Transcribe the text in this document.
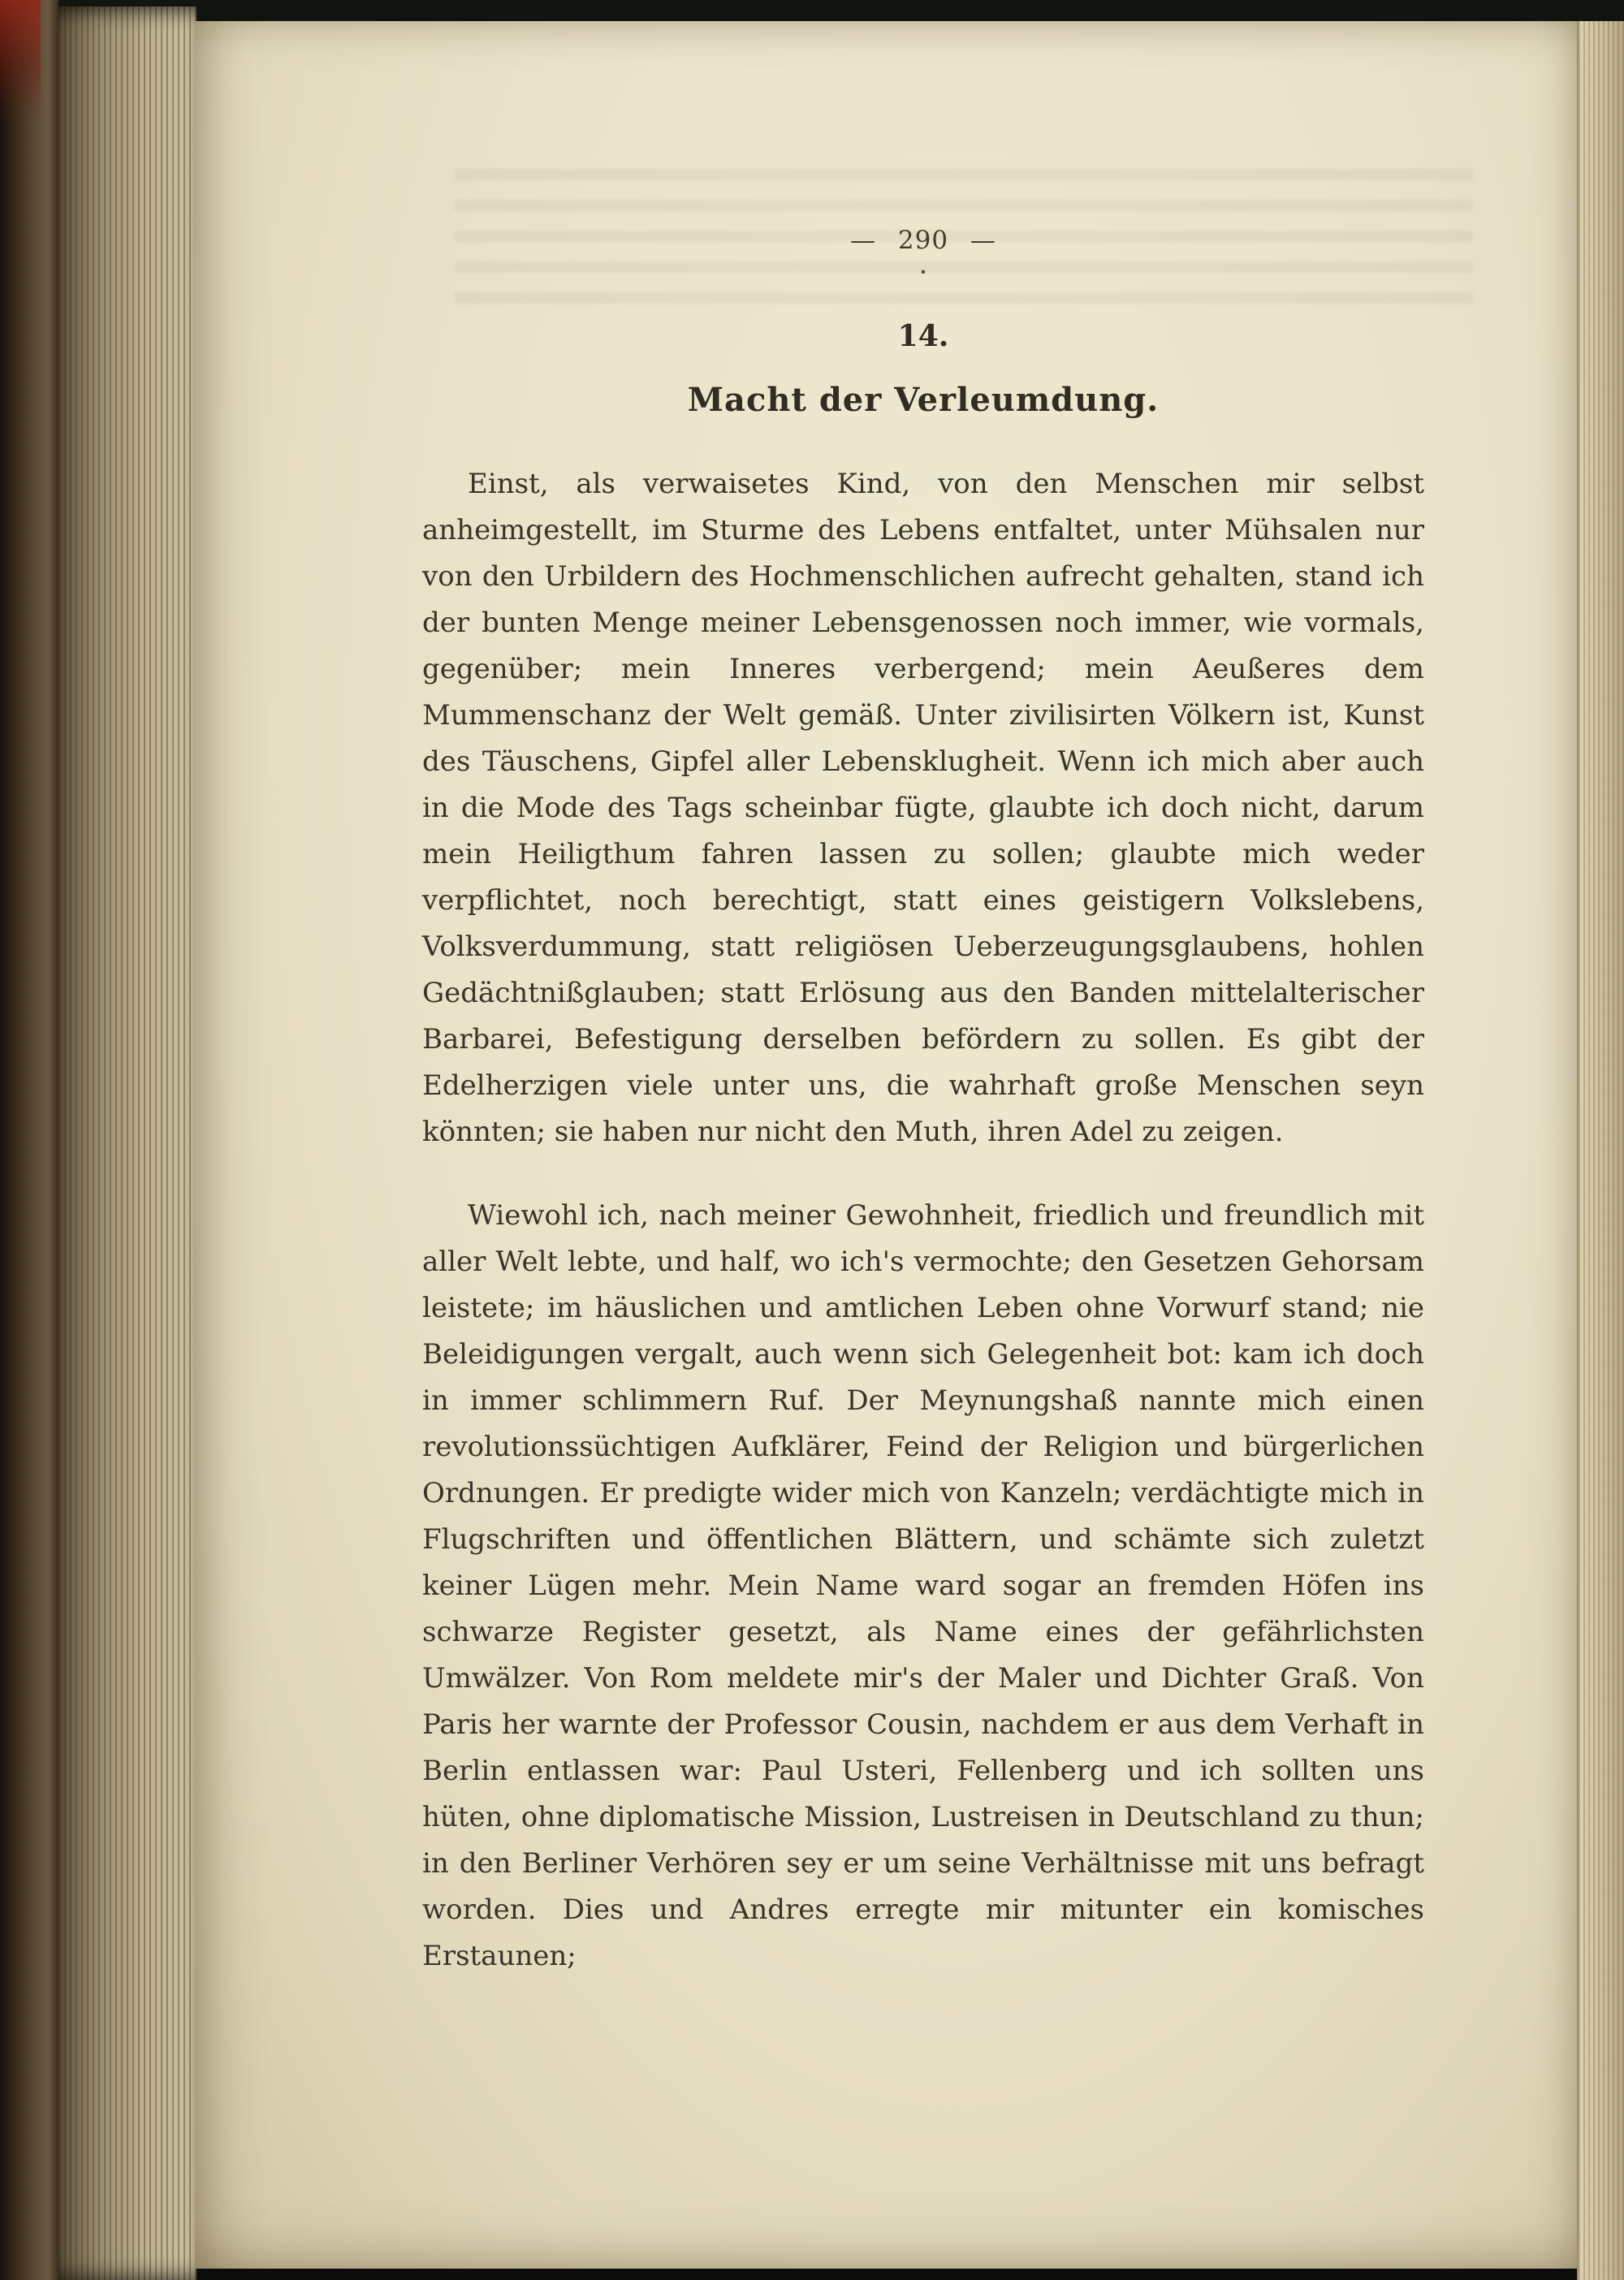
— 290 —
•
14.
Macht der Verleumdung.

Einst, als verwaisetes Kind, von den Menschen mir selbst anheimgestellt, im Sturme des Lebens entfaltet, unter Mühsalen nur von den Urbildern des Hochmenschlichen aufrecht gehalten, stand ich der bunten Menge meiner Lebensgenossen noch immer, wie vormals, gegenüber; mein Inneres verbergend; mein Aeußeres dem Mummenschanz der Welt gemäß. Unter zivilisirten Völkern ist, Kunst des Täuschens, Gipfel aller Lebensklugheit. Wenn ich mich aber auch in die Mode des Tags scheinbar fügte, glaubte ich doch nicht, darum mein Heiligthum fahren lassen zu sollen; glaubte mich weder verpflichtet, noch berechtigt, statt eines geistigern Volkslebens, Volksverdummung, statt religiösen Ueberzeugungsglaubens, hohlen Gedächtnißglauben; statt Erlösung aus den Banden mittelalterischer Barbarei, Befestigung derselben befördern zu sollen. Es gibt der Edelherzigen viele unter uns, die wahrhaft große Menschen seyn könnten; sie haben nur nicht den Muth, ihren Adel zu zeigen.

Wiewohl ich, nach meiner Gewohnheit, friedlich und freundlich mit aller Welt lebte, und half, wo ich's vermochte; den Gesetzen Gehorsam leistete; im häuslichen und amtlichen Leben ohne Vorwurf stand; nie Beleidigungen vergalt, auch wenn sich Gelegenheit bot: kam ich doch in immer schlimmern Ruf. Der Meynungshaß nannte mich einen revolutionssüchtigen Aufklärer, Feind der Religion und bürgerlichen Ordnungen. Er predigte wider mich von Kanzeln; verdächtigte mich in Flugschriften und öffentlichen Blättern, und schämte sich zuletzt keiner Lügen mehr. Mein Name ward sogar an fremden Höfen ins schwarze Register gesetzt, als Name eines der gefährlichsten Umwälzer. Von Rom meldete mir's der Maler und Dichter Graß. Von Paris her warnte der Professor Cousin, nachdem er aus dem Verhaft in Berlin entlassen war: Paul Usteri, Fellenberg und ich sollten uns hüten, ohne diplomatische Mission, Lustreisen in Deutschland zu thun; in den Berliner Verhören sey er um seine Verhältnisse mit uns befragt worden. Dies und Andres erregte mir mitunter ein komisches Erstaunen;
